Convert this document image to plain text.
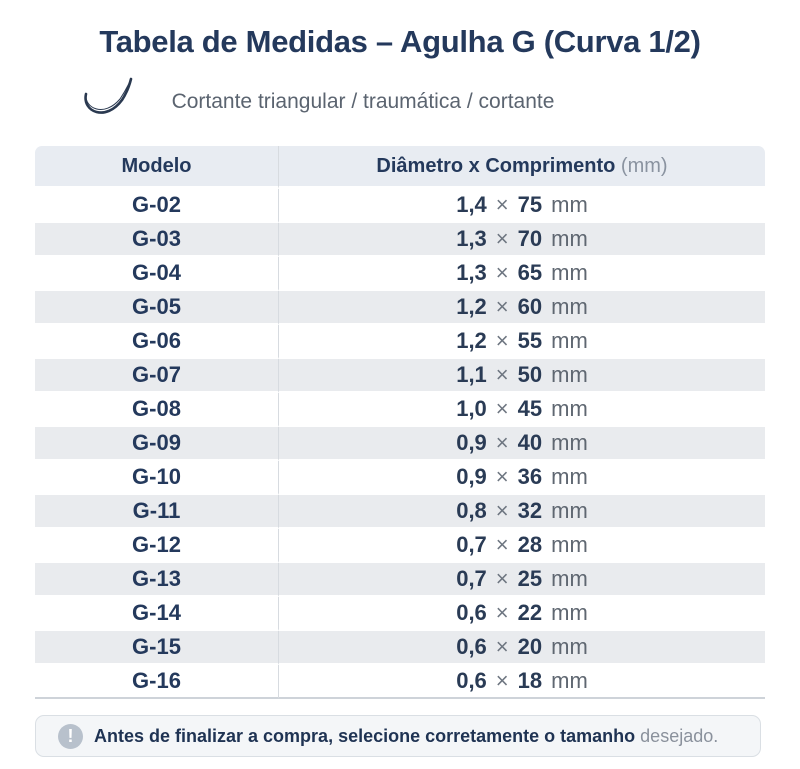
Tabela de Medidas – Agulha G (Curva 1/2)
Cortante triangular / traumática / cortante
Modelo	Diâmetro x Comprimento (mm)
G-02	1,4 × 75 mm
G-03	1,3 × 70 mm
G-04	1,3 × 65 mm
G-05	1,2 × 60 mm
G-06	1,2 × 55 mm
G-07	1,1 × 50 mm
G-08	1,0 × 45 mm
G-09	0,9 × 40 mm
G-10	0,9 × 36 mm
G-11	0,8 × 32 mm
G-12	0,7 × 28 mm
G-13	0,7 × 25 mm
G-14	0,6 × 22 mm
G-15	0,6 × 20 mm
G-16	0,6 × 18 mm
!	Antes de finalizar a compra, selecione corretamente o tamanho desejado.
